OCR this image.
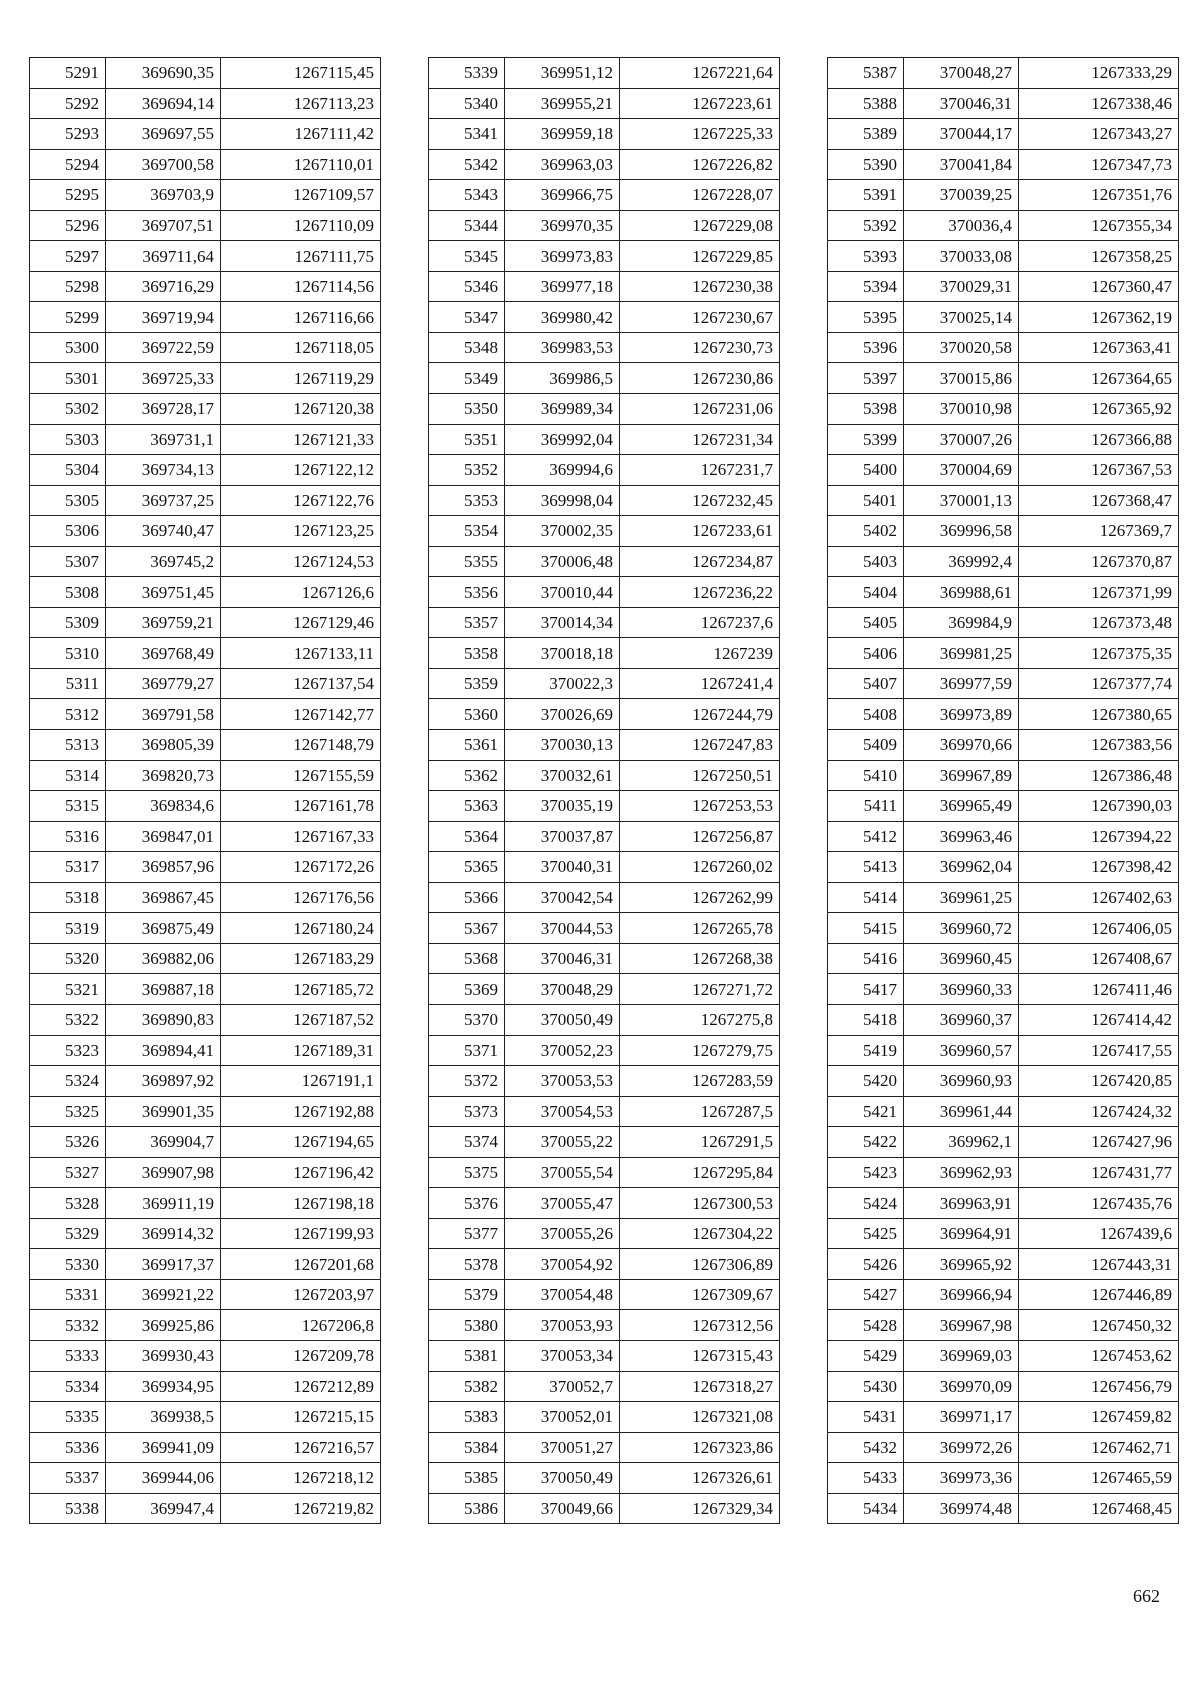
5291	369690,35	1267115,45
5292	369694,14	1267113,23
5293	369697,55	1267111,42
5294	369700,58	1267110,01
5295	369703,9	1267109,57
5296	369707,51	1267110,09
5297	369711,64	1267111,75
5298	369716,29	1267114,56
5299	369719,94	1267116,66
5300	369722,59	1267118,05
5301	369725,33	1267119,29
5302	369728,17	1267120,38
5303	369731,1	1267121,33
5304	369734,13	1267122,12
5305	369737,25	1267122,76
5306	369740,47	1267123,25
5307	369745,2	1267124,53
5308	369751,45	1267126,6
5309	369759,21	1267129,46
5310	369768,49	1267133,11
5311	369779,27	1267137,54
5312	369791,58	1267142,77
5313	369805,39	1267148,79
5314	369820,73	1267155,59
5315	369834,6	1267161,78
5316	369847,01	1267167,33
5317	369857,96	1267172,26
5318	369867,45	1267176,56
5319	369875,49	1267180,24
5320	369882,06	1267183,29
5321	369887,18	1267185,72
5322	369890,83	1267187,52
5323	369894,41	1267189,31
5324	369897,92	1267191,1
5325	369901,35	1267192,88
5326	369904,7	1267194,65
5327	369907,98	1267196,42
5328	369911,19	1267198,18
5329	369914,32	1267199,93
5330	369917,37	1267201,68
5331	369921,22	1267203,97
5332	369925,86	1267206,8
5333	369930,43	1267209,78
5334	369934,95	1267212,89
5335	369938,5	1267215,15
5336	369941,09	1267216,57
5337	369944,06	1267218,12
5338	369947,4	1267219,82
5339	369951,12	1267221,64
5340	369955,21	1267223,61
5341	369959,18	1267225,33
5342	369963,03	1267226,82
5343	369966,75	1267228,07
5344	369970,35	1267229,08
5345	369973,83	1267229,85
5346	369977,18	1267230,38
5347	369980,42	1267230,67
5348	369983,53	1267230,73
5349	369986,5	1267230,86
5350	369989,34	1267231,06
5351	369992,04	1267231,34
5352	369994,6	1267231,7
5353	369998,04	1267232,45
5354	370002,35	1267233,61
5355	370006,48	1267234,87
5356	370010,44	1267236,22
5357	370014,34	1267237,6
5358	370018,18	1267239
5359	370022,3	1267241,4
5360	370026,69	1267244,79
5361	370030,13	1267247,83
5362	370032,61	1267250,51
5363	370035,19	1267253,53
5364	370037,87	1267256,87
5365	370040,31	1267260,02
5366	370042,54	1267262,99
5367	370044,53	1267265,78
5368	370046,31	1267268,38
5369	370048,29	1267271,72
5370	370050,49	1267275,8
5371	370052,23	1267279,75
5372	370053,53	1267283,59
5373	370054,53	1267287,5
5374	370055,22	1267291,5
5375	370055,54	1267295,84
5376	370055,47	1267300,53
5377	370055,26	1267304,22
5378	370054,92	1267306,89
5379	370054,48	1267309,67
5380	370053,93	1267312,56
5381	370053,34	1267315,43
5382	370052,7	1267318,27
5383	370052,01	1267321,08
5384	370051,27	1267323,86
5385	370050,49	1267326,61
5386	370049,66	1267329,34
5387	370048,27	1267333,29
5388	370046,31	1267338,46
5389	370044,17	1267343,27
5390	370041,84	1267347,73
5391	370039,25	1267351,76
5392	370036,4	1267355,34
5393	370033,08	1267358,25
5394	370029,31	1267360,47
5395	370025,14	1267362,19
5396	370020,58	1267363,41
5397	370015,86	1267364,65
5398	370010,98	1267365,92
5399	370007,26	1267366,88
5400	370004,69	1267367,53
5401	370001,13	1267368,47
5402	369996,58	1267369,7
5403	369992,4	1267370,87
5404	369988,61	1267371,99
5405	369984,9	1267373,48
5406	369981,25	1267375,35
5407	369977,59	1267377,74
5408	369973,89	1267380,65
5409	369970,66	1267383,56
5410	369967,89	1267386,48
5411	369965,49	1267390,03
5412	369963,46	1267394,22
5413	369962,04	1267398,42
5414	369961,25	1267402,63
5415	369960,72	1267406,05
5416	369960,45	1267408,67
5417	369960,33	1267411,46
5418	369960,37	1267414,42
5419	369960,57	1267417,55
5420	369960,93	1267420,85
5421	369961,44	1267424,32
5422	369962,1	1267427,96
5423	369962,93	1267431,77
5424	369963,91	1267435,76
5425	369964,91	1267439,6
5426	369965,92	1267443,31
5427	369966,94	1267446,89
5428	369967,98	1267450,32
5429	369969,03	1267453,62
5430	369970,09	1267456,79
5431	369971,17	1267459,82
5432	369972,26	1267462,71
5433	369973,36	1267465,59
5434	369974,48	1267468,45
662
